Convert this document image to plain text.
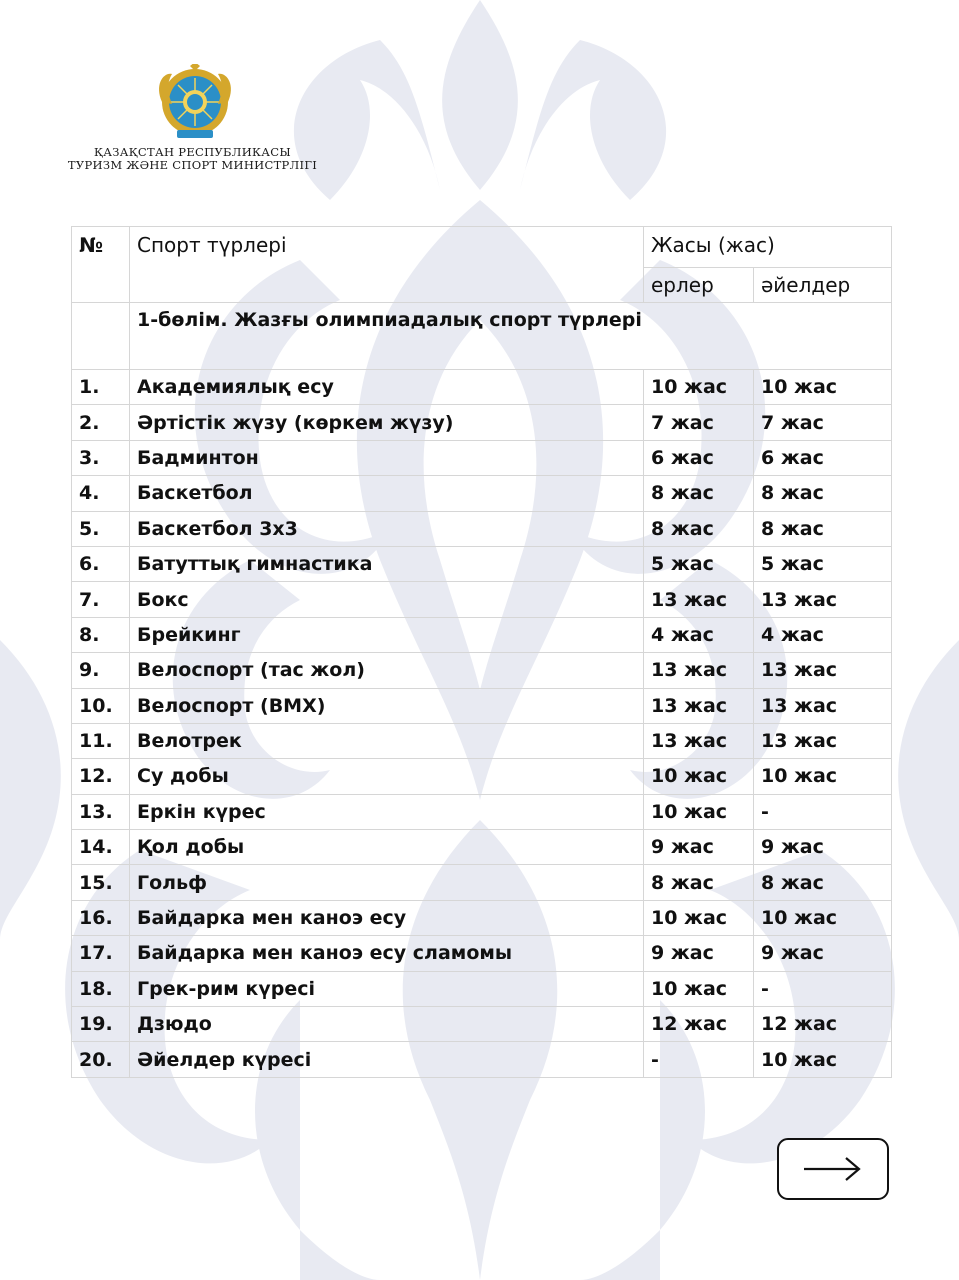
ҚАЗАҚСТАН РЕСПУБЛИКАСЫ
ТУРИЗМ ЖӘНЕ СПОРТ МИНИСТРЛІГІ
№	Спорт түрлері	Жасы (жас)	
		ерлер	әйелдер
	1-бөлім. Жазғы олимпиадалық спорт түрлері		
1.	Академиялық есу	10 жас	10 жас
2.	Әртістік жүзу (көркем жүзу)	7 жас	7 жас
3.	Бадминтон	6 жас	6 жас
4.	Баскетбол	8 жас	8 жас
5.	Баскетбол 3x3	8 жас	8 жас
6.	Батуттық гимнастика	5 жас	5 жас
7.	Бокс	13 жас	13 жас
8.	Брейкинг	4 жас	4 жас
9.	Велоспорт (тас жол)	13 жас	13 жас
10.	Велоспорт (BMX)	13 жас	13 жас
11.	Велотрек	13 жас	13 жас
12.	Су добы	10 жас	10 жас
13.	Еркін күрес	10 жас	-
14.	Қол добы	9 жас	9 жас
15.	Гольф	8 жас	8 жас
16.	Байдарка мен каноэ есу	10 жас	10 жас
17.	Байдарка мен каноэ есу сламомы	9 жас	9 жас
18.	Грек-рим күресі	10 жас	-
19.	Дзюдо	12 жас	12 жас
20.	Әйелдер күресі	-	10 жас
